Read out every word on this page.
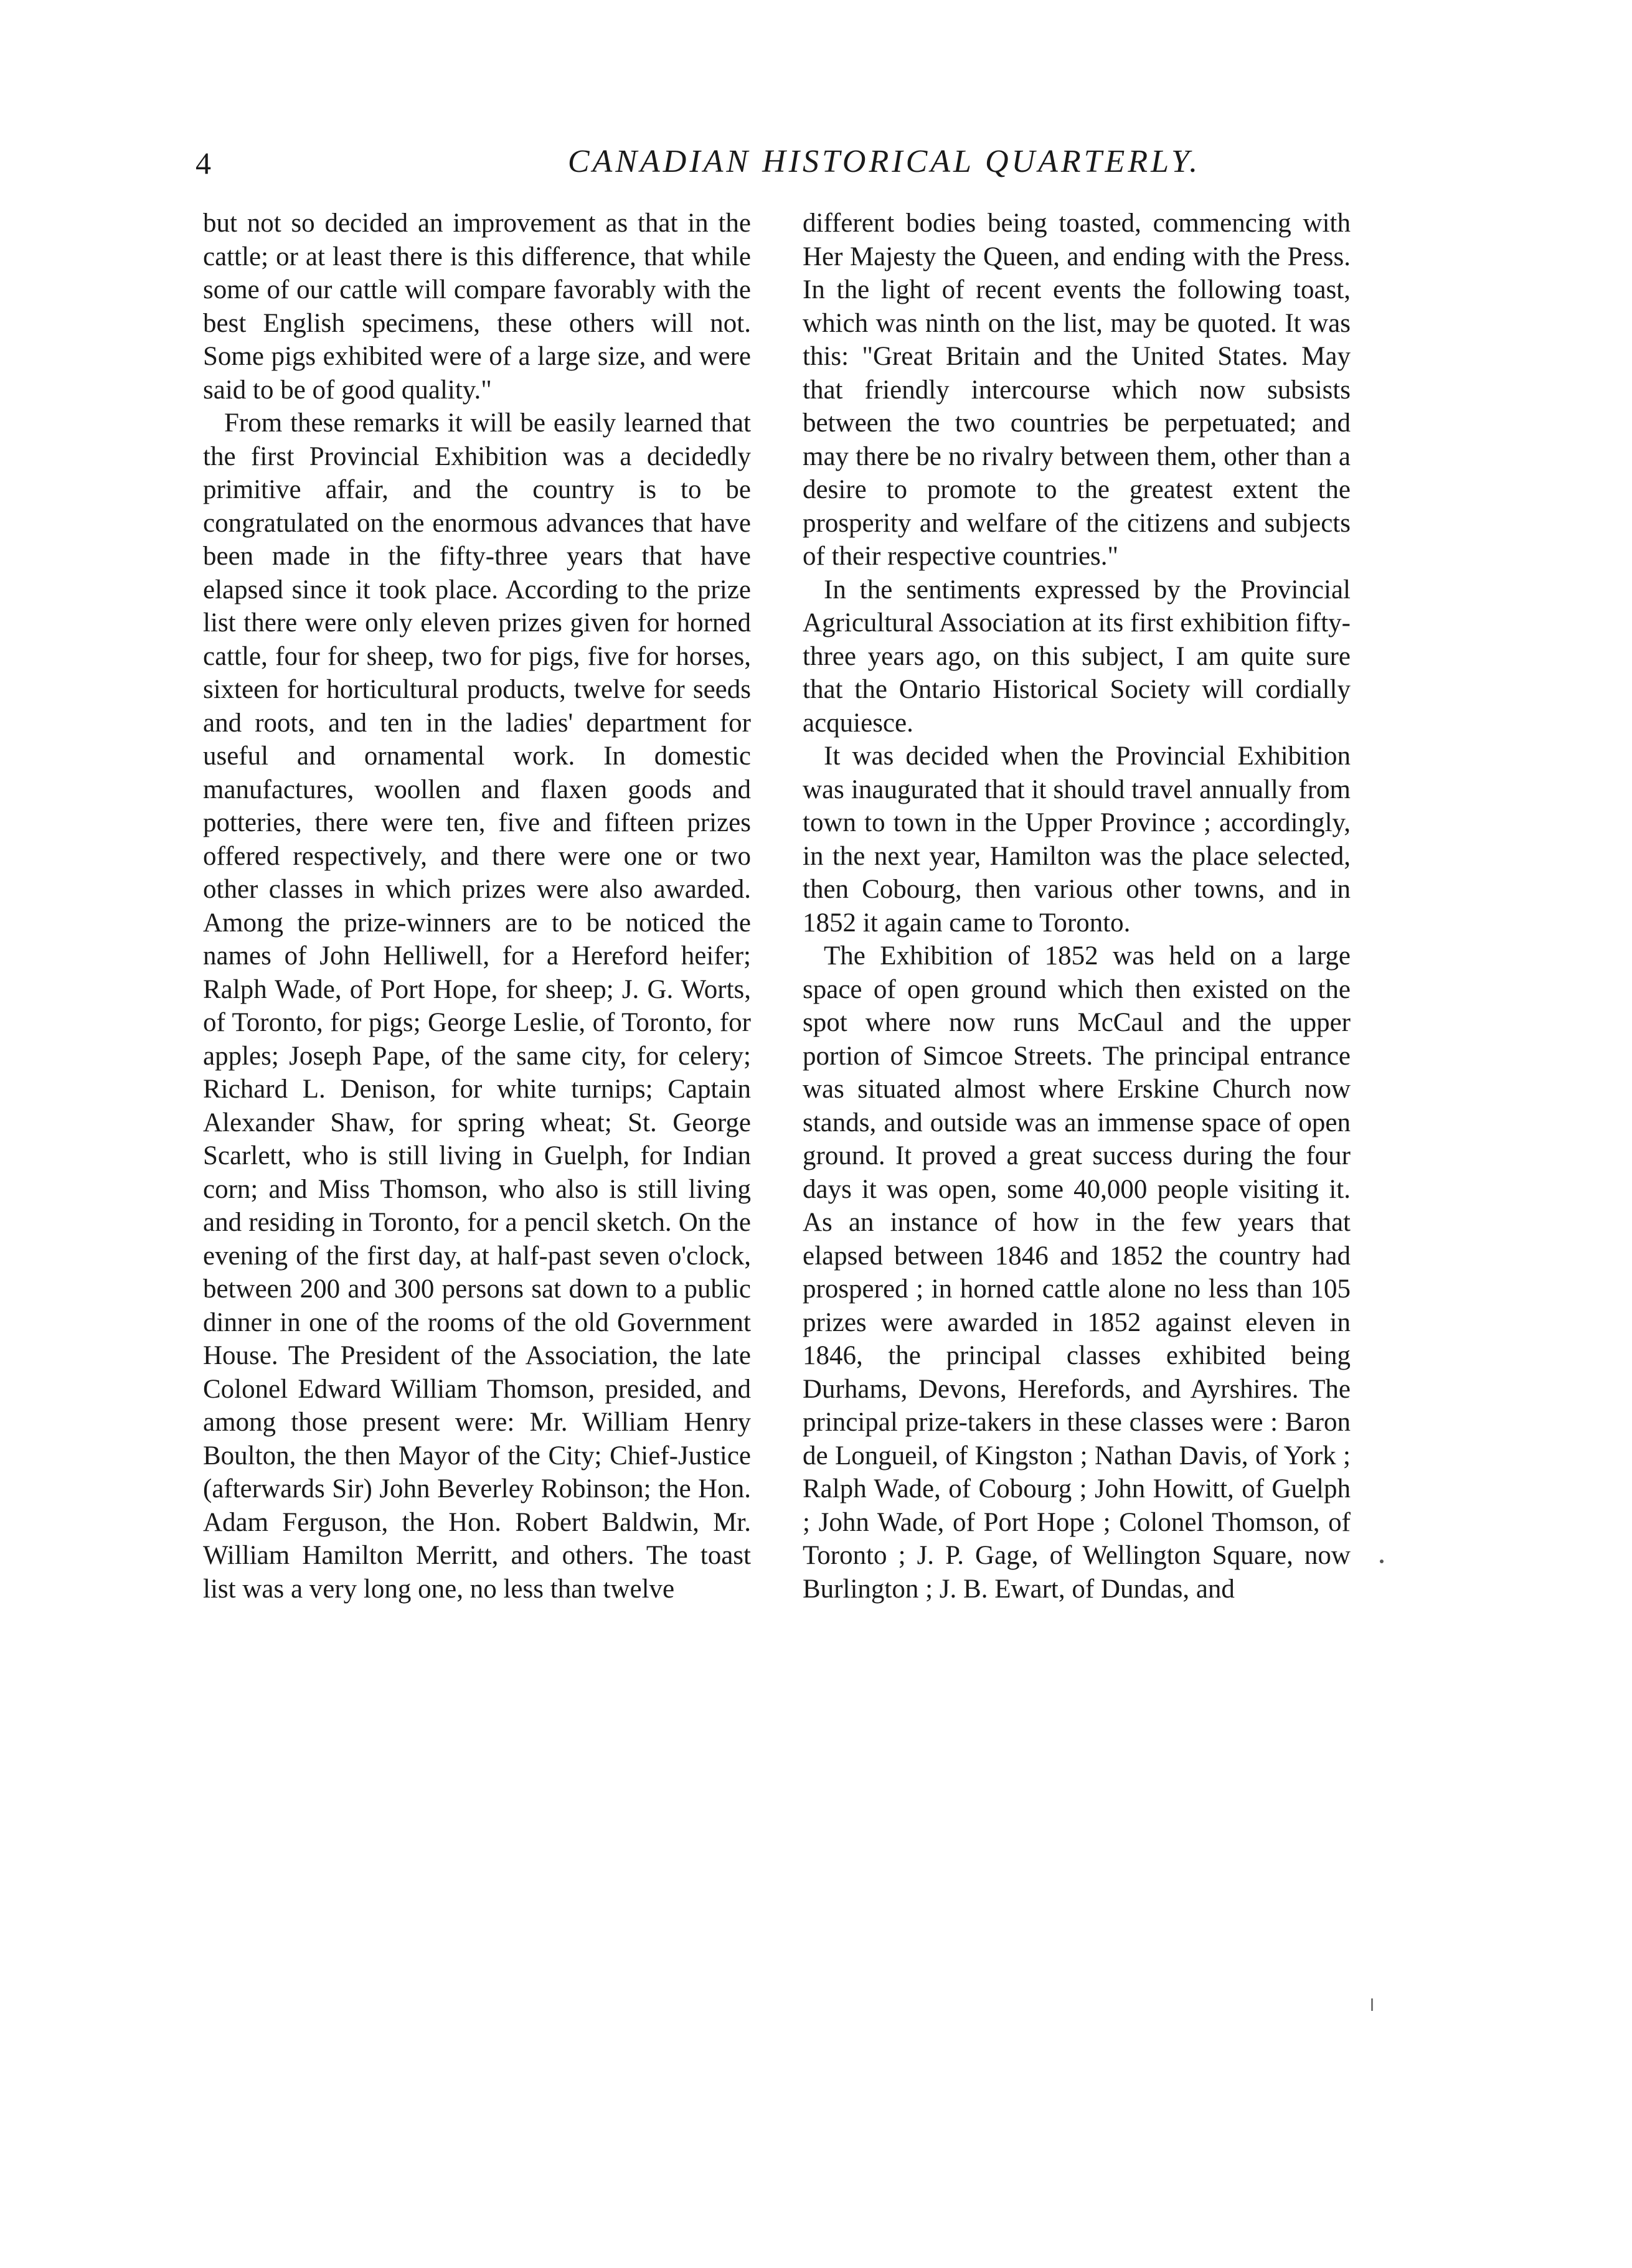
4	CANADIAN HISTORICAL QUARTERLY.

but not so decided an improvement as that in the cattle; or at least there is this difference, that while some of our cattle will compare favorably with the best English specimens, these others will not. Some pigs exhibited were of a large size, and were said to be of good quality."

From these remarks it will be easily learned that the first Provincial Exhibition was a decidedly primitive affair, and the country is to be congratulated on the enormous advances that have been made in the fifty-three years that have elapsed since it took place. According to the prize list there were only eleven prizes given for horned cattle, four for sheep, two for pigs, five for horses, sixteen for horticultural products, twelve for seeds and roots, and ten in the ladies' department for useful and ornamental work. In domestic manufactures, woollen and flaxen goods and potteries, there were ten, five and fifteen prizes offered respectively, and there were one or two other classes in which prizes were also awarded. Among the prize-winners are to be noticed the names of John Helliwell, for a Hereford heifer; Ralph Wade, of Port Hope, for sheep; J. G. Worts, of Toronto, for pigs; George Leslie, of Toronto, for apples; Joseph Pape, of the same city, for celery; Richard L. Denison, for white turnips; Captain Alexander Shaw, for spring wheat; St. George Scarlett, who is still living in Guelph, for Indian corn; and Miss Thomson, who also is still living and residing in Toronto, for a pencil sketch. On the evening of the first day, at half-past seven o'clock, between 200 and 300 persons sat down to a public dinner in one of the rooms of the old Government House. The President of the Association, the late Colonel Edward William Thomson, presided, and among those present were: Mr. William Henry Boulton, the then Mayor of the City; Chief-Justice (afterwards Sir) John Beverley Robinson; the Hon. Adam Ferguson, the Hon. Robert Baldwin, Mr. William Hamilton Merritt, and others. The toast list was a very long one, no less than twelve

different bodies being toasted, commencing with Her Majesty the Queen, and ending with the Press. In the light of recent events the following toast, which was ninth on the list, may be quoted. It was this: "Great Britain and the United States. May that friendly intercourse which now subsists between the two countries be perpetuated; and may there be no rivalry between them, other than a desire to promote to the greatest extent the prosperity and welfare of the citizens and subjects of their respective countries."

In the sentiments expressed by the Provincial Agricultural Association at its first exhibition fifty-three years ago, on this subject, I am quite sure that the Ontario Historical Society will cordially acquiesce.

It was decided when the Provincial Exhibition was inaugurated that it should travel annually from town to town in the Upper Province ; accordingly, in the next year, Hamilton was the place selected, then Cobourg, then various other towns, and in 1852 it again came to Toronto.

The Exhibition of 1852 was held on a large space of open ground which then existed on the spot where now runs McCaul and the upper portion of Simcoe Streets. The principal entrance was situated almost where Erskine Church now stands, and outside was an immense space of open ground. It proved a great success during the four days it was open, some 40,000 people visiting it. As an instance of how in the few years that elapsed between 1846 and 1852 the country had prospered ; in horned cattle alone no less than 105 prizes were awarded in 1852 against eleven in 1846, the principal classes exhibited being Durhams, Devons, Herefords, and Ayrshires. The principal prize-takers in these classes were : Baron de Longueil, of Kingston ; Nathan Davis, of York ; Ralph Wade, of Cobourg ; John Howitt, of Guelph ; John Wade, of Port Hope ; Colonel Thomson, of Toronto ; J. P. Gage, of Wellington Square, now Burlington ; J. B. Ewart, of Dundas, and
